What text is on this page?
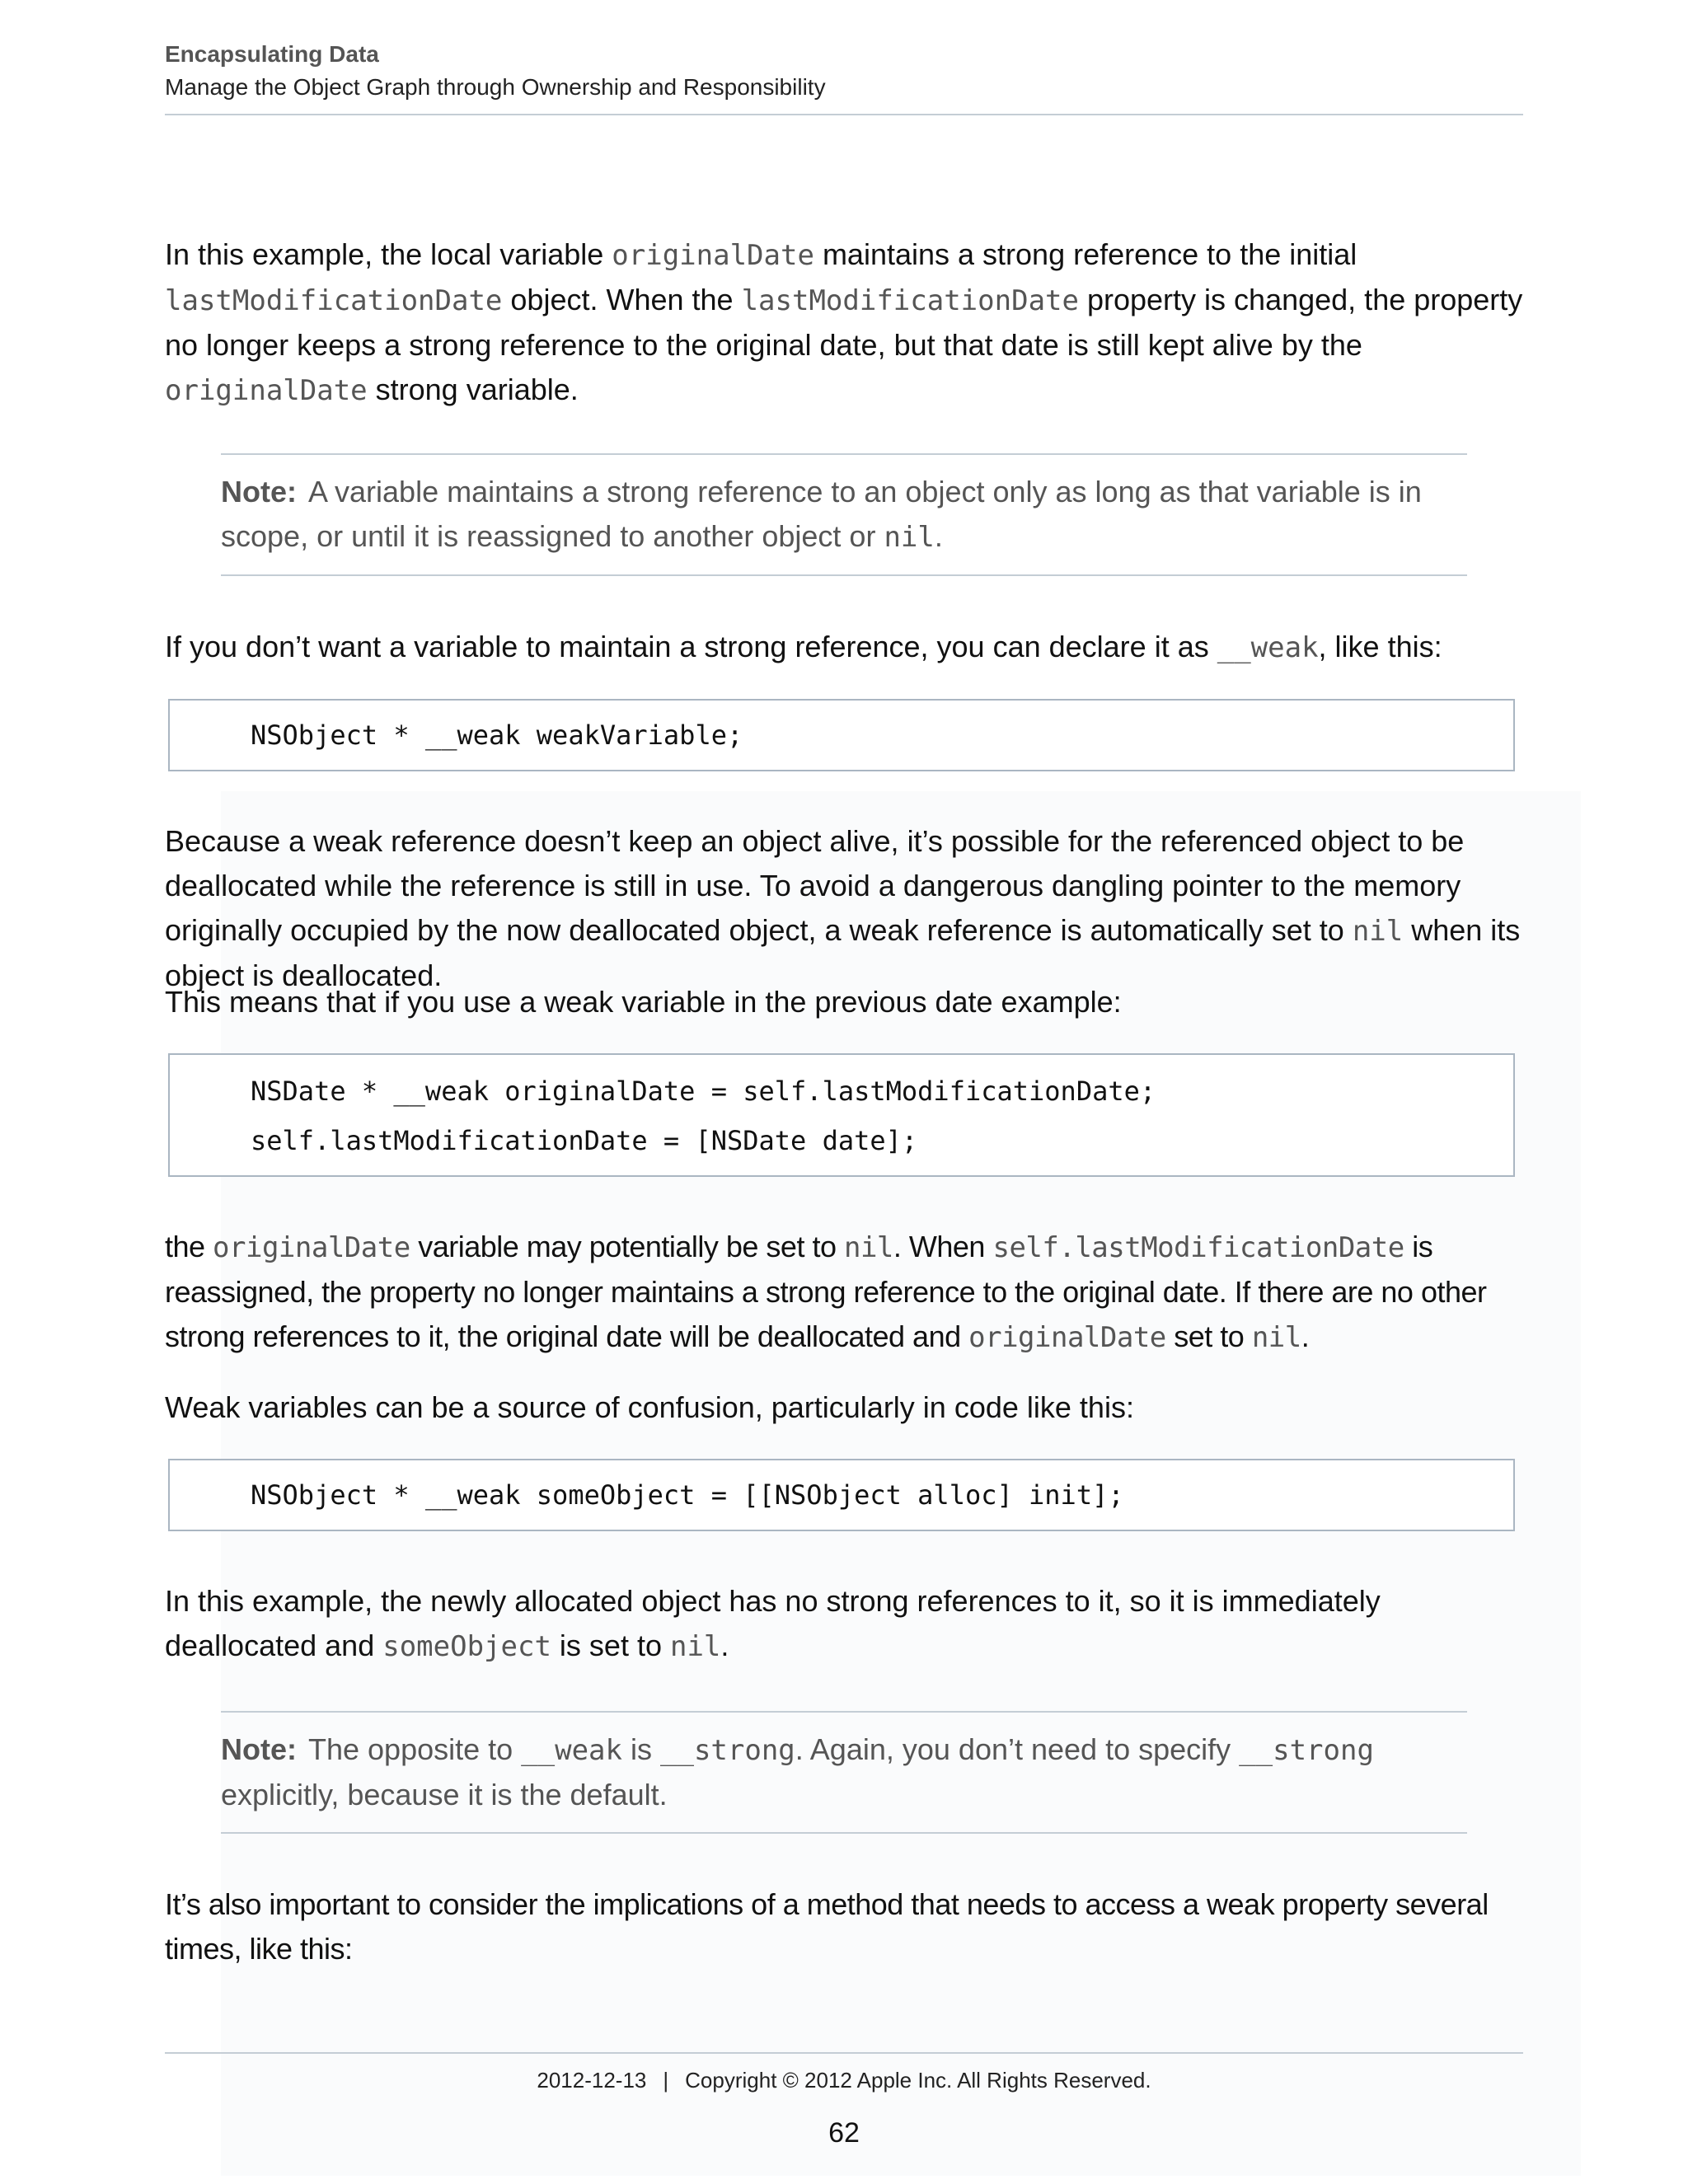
Encapsulating Data
Manage the Object Graph through Ownership and Responsibility

In this example, the local variable originalDate maintains a strong reference to the initial lastModificationDate object. When the lastModificationDate property is changed, the property no longer keeps a strong reference to the original date, but that date is still kept alive by the originalDate strong variable.

Note: A variable maintains a strong reference to an object only as long as that variable is in scope, or until it is reassigned to another object or nil.

If you don’t want a variable to maintain a strong reference, you can declare it as __weak, like this:

NSObject * __weak weakVariable;

Because a weak reference doesn’t keep an object alive, it’s possible for the referenced object to be deallocated while the reference is still in use. To avoid a dangerous dangling pointer to the memory originally occupied by the now deallocated object, a weak reference is automatically set to nil when its object is deallocated.

This means that if you use a weak variable in the previous date example:

NSDate * __weak originalDate = self.lastModificationDate;
self.lastModificationDate = [NSDate date];

the originalDate variable may potentially be set to nil. When self.lastModificationDate is reassigned, the property no longer maintains a strong reference to the original date. If there are no other strong references to it, the original date will be deallocated and originalDate set to nil.

Weak variables can be a source of confusion, particularly in code like this:

NSObject * __weak someObject = [[NSObject alloc] init];

In this example, the newly allocated object has no strong references to it, so it is immediately deallocated and someObject is set to nil.

Note: The opposite to __weak is __strong. Again, you don’t need to specify __strong explicitly, because it is the default.

It’s also important to consider the implications of a method that needs to access a weak property several times, like this:

2012-12-13 | Copyright © 2012 Apple Inc. All Rights Reserved.
62
